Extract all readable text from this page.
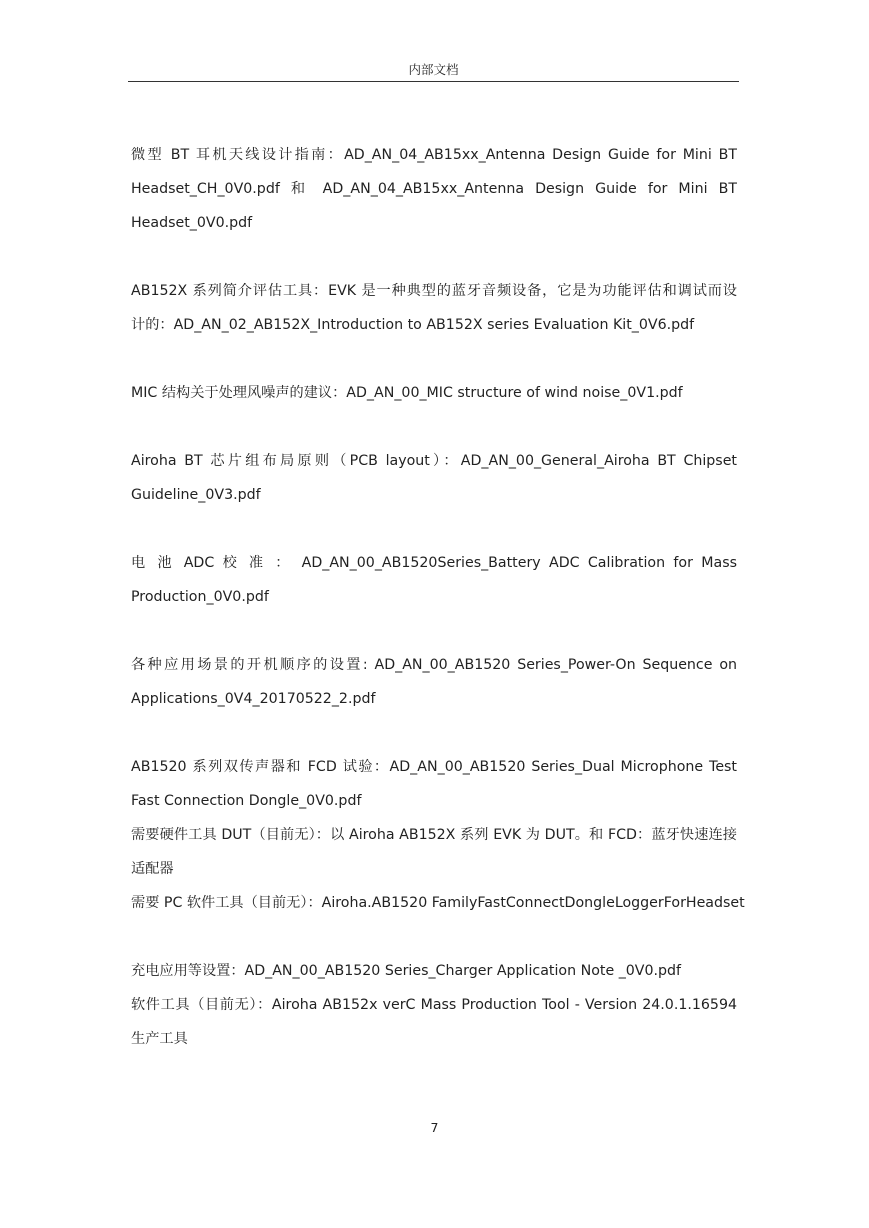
内部文档
微型 BT 耳机天线设计指南：AD_AN_04_AB15xx_Antenna Design Guide for Mini BT
Headset_CH_0V0.pdf 和 AD_AN_04_AB15xx_Antenna Design Guide for Mini BT
Headset_0V0.pdf
AB152X 系列简介评估工具：EVK 是一种典型的蓝牙音频设备，它是为功能评估和调试而设
计的：AD_AN_02_AB152X_Introduction to AB152X series Evaluation Kit_0V6.pdf
MIC 结构关于处理风噪声的建议：AD_AN_00_MIC structure of wind noise_0V1.pdf
Airoha BT 芯片组布局原则（PCB layout）：AD_AN_00_General_Airoha BT Chipset
Guideline_0V3.pdf
电 池 ADC 校 准 ： AD_AN_00_AB1520Series_Battery ADC Calibration for Mass
Production_0V0.pdf
各种应用场景的开机顺序的设置: AD_AN_00_AB1520 Series_Power-On Sequence on
Applications_0V4_20170522_2.pdf
AB1520 系列双传声器和 FCD 试验：AD_AN_00_AB1520 Series_Dual Microphone Test
Fast Connection Dongle_0V0.pdf
需要硬件工具 DUT（目前无）：以 Airoha AB152X 系列 EVK 为 DUT。和 FCD：蓝牙快速连接
适配器
需要 PC 软件工具（目前无）：Airoha.AB1520 FamilyFastConnectDongleLoggerForHeadset
充电应用等设置：AD_AN_00_AB1520 Series_Charger Application Note _0V0.pdf
软件工具（目前无）：Airoha AB152x verC Mass Production Tool - Version 24.0.1.16594
生产工具
7
